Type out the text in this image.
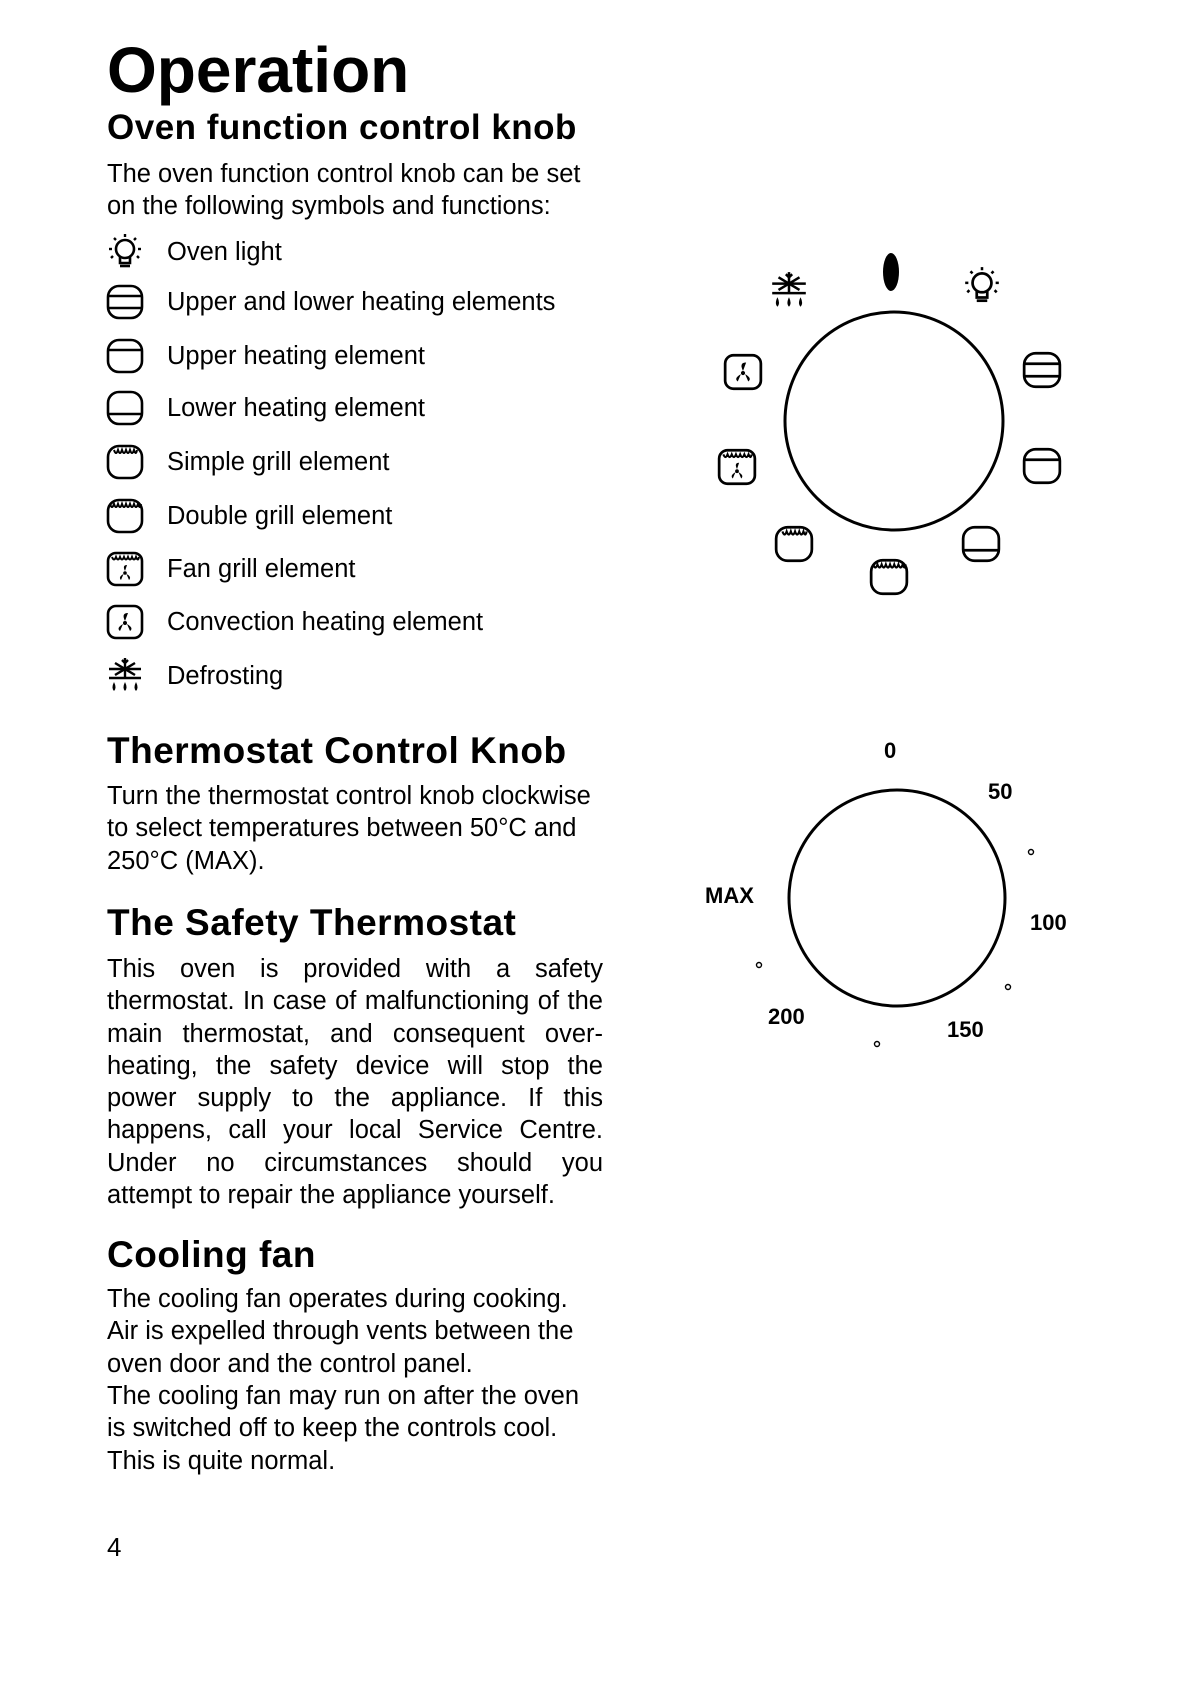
Operation
Oven function control knob

The oven function control knob can be set on the following symbols and functions:

Oven light
Upper and lower heating elements
Upper heating element
Lower heating element
Simple grill element
Double grill element
Fan grill element
Convection heating element
Defrosting
Thermostat Control Knob

Turn the thermostat control knob clockwise to select temperatures between 50°C and 250°C (MAX).

The Safety Thermostat

This oven is provided with a safety thermostat. In case of malfunctioning of the main thermostat, and consequent over-heating, the safety device will stop the power supply to the appliance. If this happens, call your local Service Centre. Under no circumstances should you attempt to repair the appliance yourself.

Cooling fan

The cooling fan operates during cooking. Air is expelled through vents between the oven door and the control panel.

The cooling fan may run on after the oven is switched off to keep the controls cool. This is quite normal.

4
0
50
100
150
200
MAX
